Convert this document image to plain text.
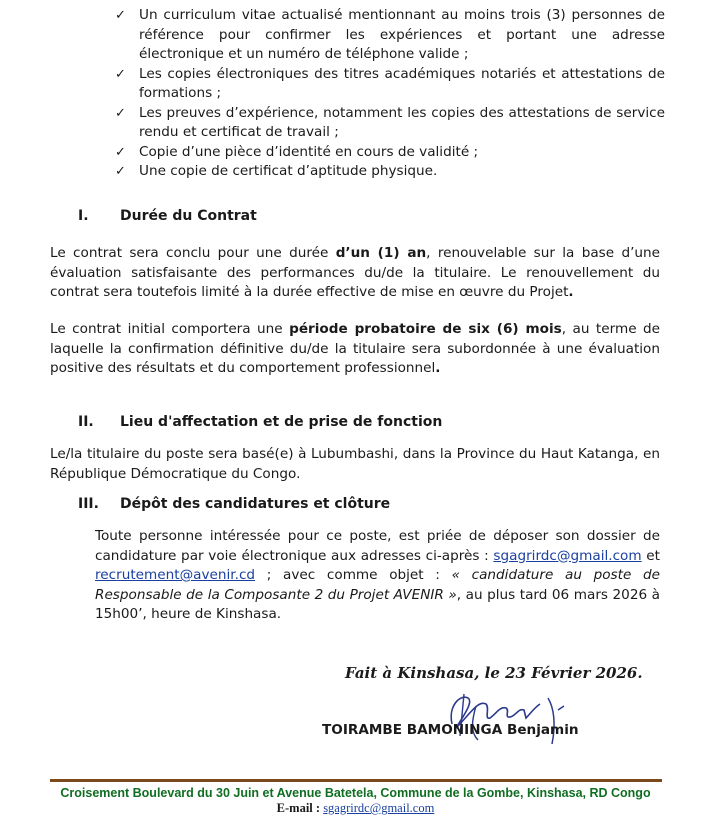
✓ Un curriculum vitae actualisé mentionnant au moins trois (3) personnes de référence pour confirmer les expériences et portant une adresse électronique et un numéro de téléphone valide ;
✓ Les copies électroniques des titres académiques notariés et attestations de formations ;
✓ Les preuves d’expérience, notamment les copies des attestations de service rendu et certificat de travail ;
✓ Copie d’une pièce d’identité en cours de validité ;
✓ Une copie de certificat d’aptitude physique.
I. Durée du Contrat

Le contrat sera conclu pour une durée d’un (1) an, renouvelable sur la base d’une évaluation satisfaisante des performances du/de la titulaire. Le renouvellement du contrat sera toutefois limité à la durée effective de mise en œuvre du Projet.

Le contrat initial comportera une période probatoire de six (6) mois, au terme de laquelle la confirmation définitive du/de la titulaire sera subordonnée à une évaluation positive des résultats et du comportement professionnel.

II. Lieu d'affectation et de prise de fonction

Le/la titulaire du poste sera basé(e) à Lubumbashi, dans la Province du Haut Katanga, en République Démocratique du Congo.

III. Dépôt des candidatures et clôture

Toute personne intéressée pour ce poste, est priée de déposer son dossier de candidature par voie électronique aux adresses ci-après : sgagrirdc@gmail.com et recrutement@avenir.cd ; avec comme objet : « candidature au poste de Responsable de la Composante 2 du Projet AVENIR », au plus tard 06 mars 2026 à 15h00’, heure de Kinshasa.

Fait à Kinshasa, le 23 Février 2026.
TOIRAMBE BAMONINGA Benjamin
Croisement Boulevard du 30 Juin et Avenue Batetela, Commune de la Gombe, Kinshasa, RD Congo
E-mail : sgagrirdc@gmail.com
